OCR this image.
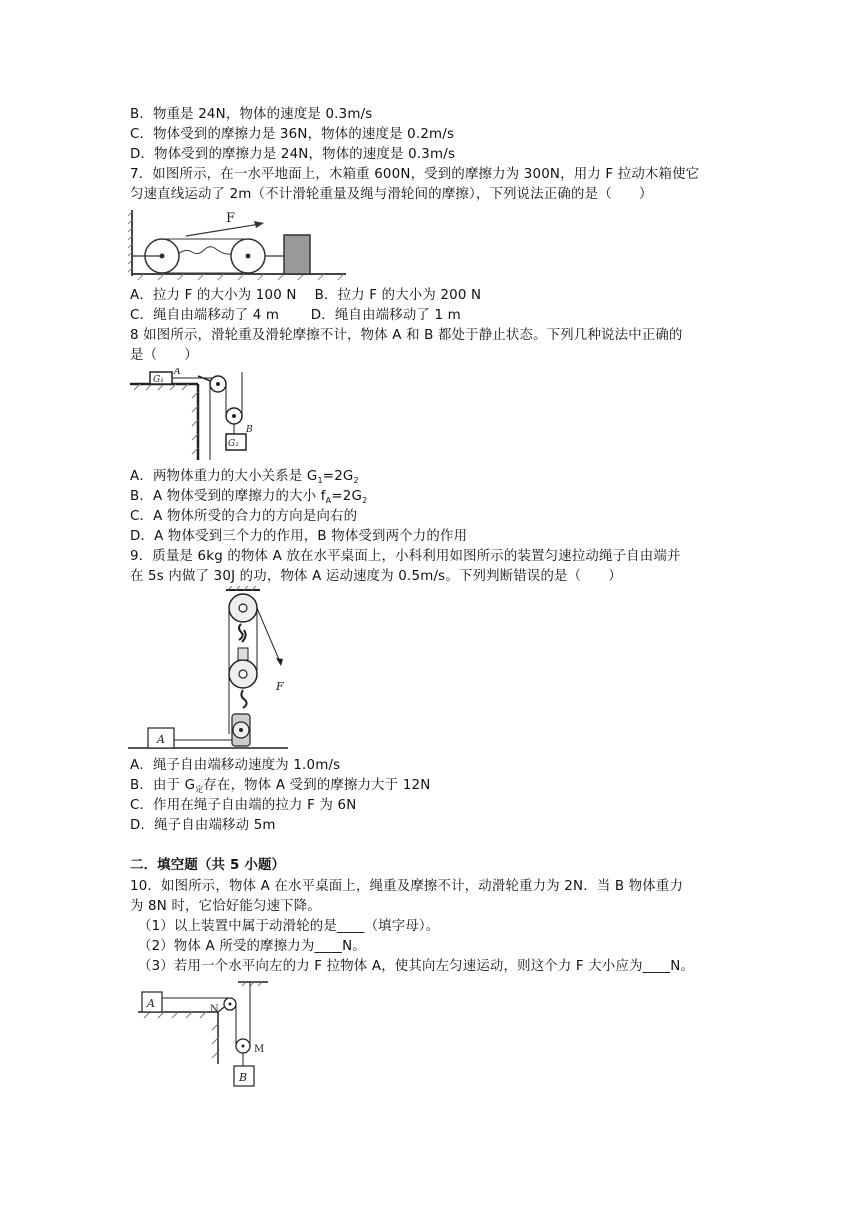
B．物重是 24N，物体的速度是 0.3m/s
C．物体受到的摩擦力是 36N，物体的速度是 0.2m/s
D．物体受到的摩擦力是 24N，物体的速度是 0.3m/s
7．如图所示，在一水平地面上，木箱重 600N，受到的摩擦力为 300N，用力 F 拉动木箱使它
匀速直线运动了 2m（不计滑轮重量及绳与滑轮间的摩擦），下列说法正确的是（　　）
F
A．拉力 F 的大小为 100 N　 B．拉力 F 的大小为 200 N
C．绳自由端移动了 4 m　　 D．绳自由端移动了 1 m
8 如图所示，滑轮重及滑轮摩擦不计，物体 A 和 B 都处于静止状态。下列几种说法中正确的
是（　　）
G₁
A
G₂
B
A．两物体重力的大小关系是 $G_1=2G_2$
B．A 物体受到的摩擦力的大小 $f_A=2G_2$
C．A 物体所受的合力的方向是向右的
D．A 物体受到三个力的作用，B 物体受到两个力的作用
9．质量是 6kg 的物体 A 放在水平桌面上，小科利用如图所示的装置匀速拉动绳子自由端并
在 5s 内做了 30J 的功，物体 A 运动速度为 0.5m/s。下列判断错误的是（　　）
F
A
A．绳子自由端移动速度为 1.0m/s
B．由于 $G_定$存在，物体 A 受到的摩擦力大于 12N
C．作用在绳子自由端的拉力 F 为 6N
D．绳子自由端移动 5m
二．填空题（共 5 小题）
10．如图所示，物体 A 在水平桌面上，绳重及摩擦不计，动滑轮重力为 2N．当 B 物体重力
为 8N 时，它恰好能匀速下降。
（1）以上装置中属于动滑轮的是____（填字母）。
（2）物体 A 所受的摩擦力为____N。
（3）若用一个水平向左的力 F 拉物体 A，使其向左匀速运动，则这个力 F 大小应为____N。
A	N
M
B
